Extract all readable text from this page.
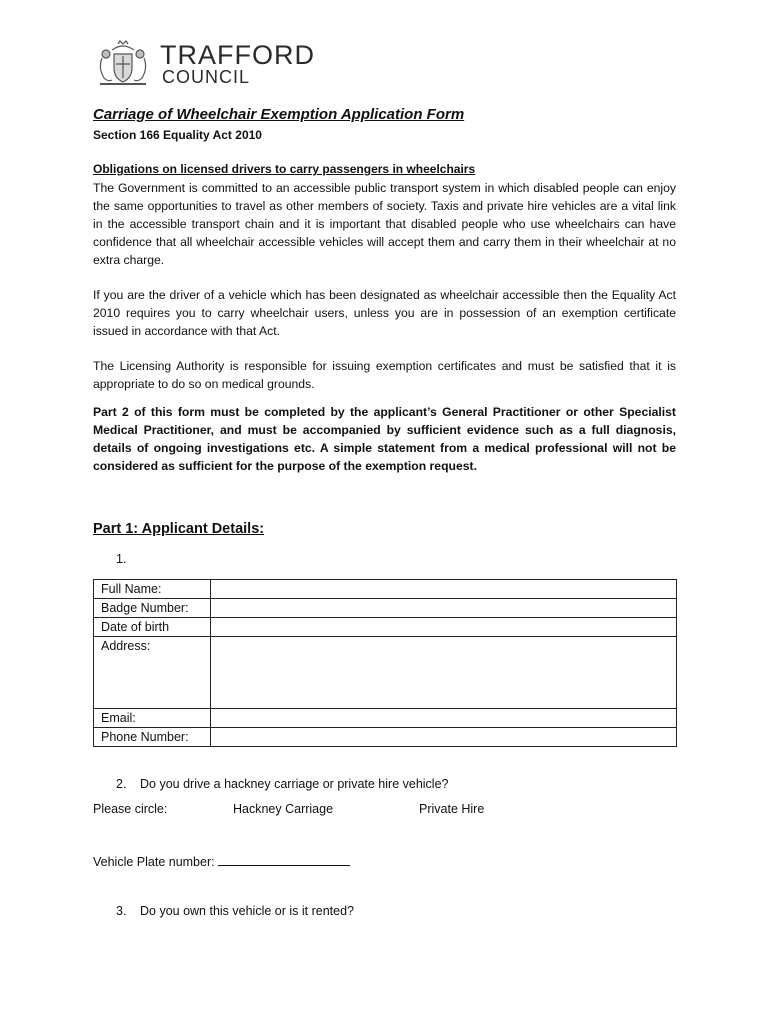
TRAFFORD
COUNCIL
Carriage of Wheelchair Exemption Application Form
Section 166 Equality Act 2010
Obligations on licensed drivers to carry passengers in wheelchairs
The Government is committed to an accessible public transport system in which disabled people can enjoy the same opportunities to travel as other members of society. Taxis and private hire vehicles are a vital link in the accessible transport chain and it is important that disabled people who use wheelchairs can have confidence that all wheelchair accessible vehicles will accept them and carry them in their wheelchair at no extra charge.
If you are the driver of a vehicle which has been designated as wheelchair accessible then the Equality Act 2010 requires you to carry wheelchair users, unless you are in possession of an exemption certificate issued in accordance with that Act.
The Licensing Authority is responsible for issuing exemption certificates and must be satisfied that it is appropriate to do so on medical grounds.
Part 2 of this form must be completed by the applicant’s General Practitioner or other Specialist Medical Practitioner, and must be accompanied by sufficient evidence such as a full diagnosis, details of ongoing investigations etc. A simple statement from a medical professional will not be considered as sufficient for the purpose of the exemption request.
Part 1: Applicant Details:
1.
Full Name:	
Badge Number:	
Date of birth	
Address:	
Email:	
Phone Number:	
2. Do you drive a hackney carriage or private hire vehicle?
Please circle:	Hackney Carriage	Private Hire
Vehicle Plate number:
3. Do you own this vehicle or is it rented?
